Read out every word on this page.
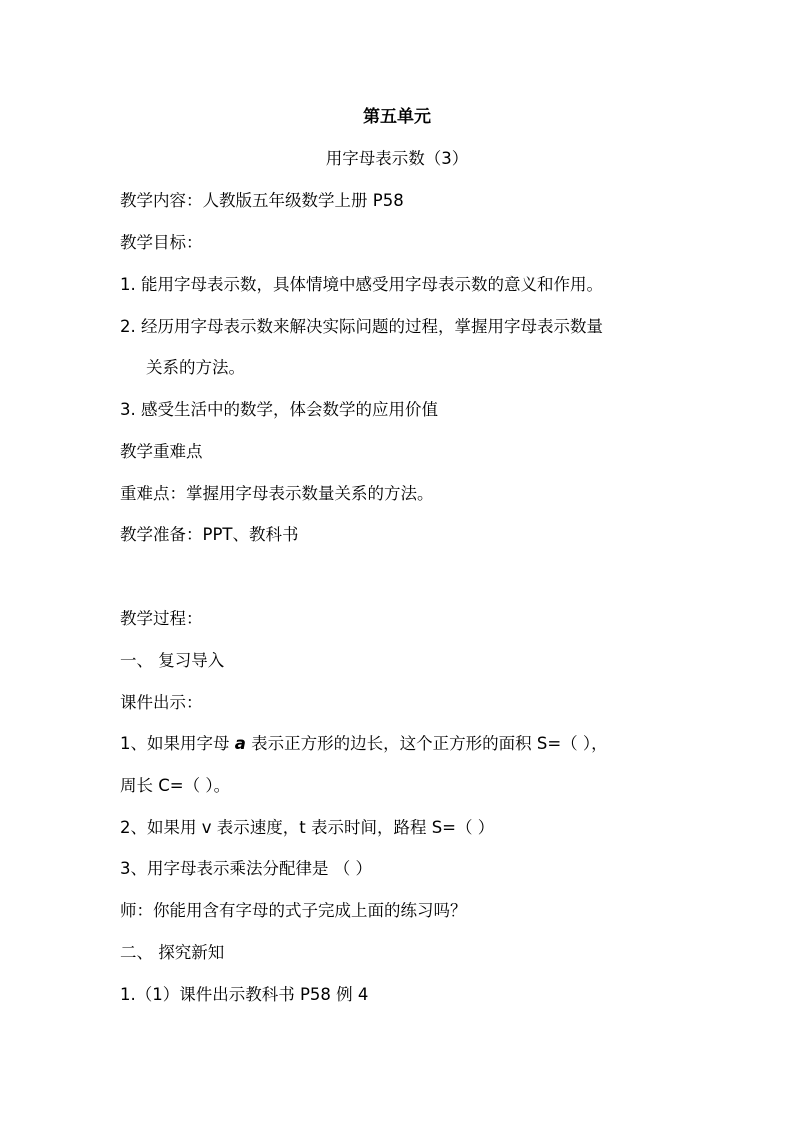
第五单元
用字母表示数（3）
教学内容：人教版五年级数学上册 P58
教学目标：
1. 能用字母表示数，具体情境中感受用字母表示数的意义和作用。
2. 经历用字母表示数来解决实际问题的过程，掌握用字母表示数量
关系的方法。
3. 感受生活中的数学，体会数学的应用价值
教学重难点
重难点：掌握用字母表示数量关系的方法。
教学准备：PPT、教科书
教学过程：
一、 复习导入
课件出示：
1、如果用字母 a 表示正方形的边长，这个正方形的面积 S=（ ），
周长 C=（ ）。
2、如果用 v 表示速度，t 表示时间，路程 S=（ ）
3、用字母表示乘法分配律是 （ ）
师：你能用含有字母的式子完成上面的练习吗？
二、 探究新知
1.（1）课件出示教科书 P58 例 4
